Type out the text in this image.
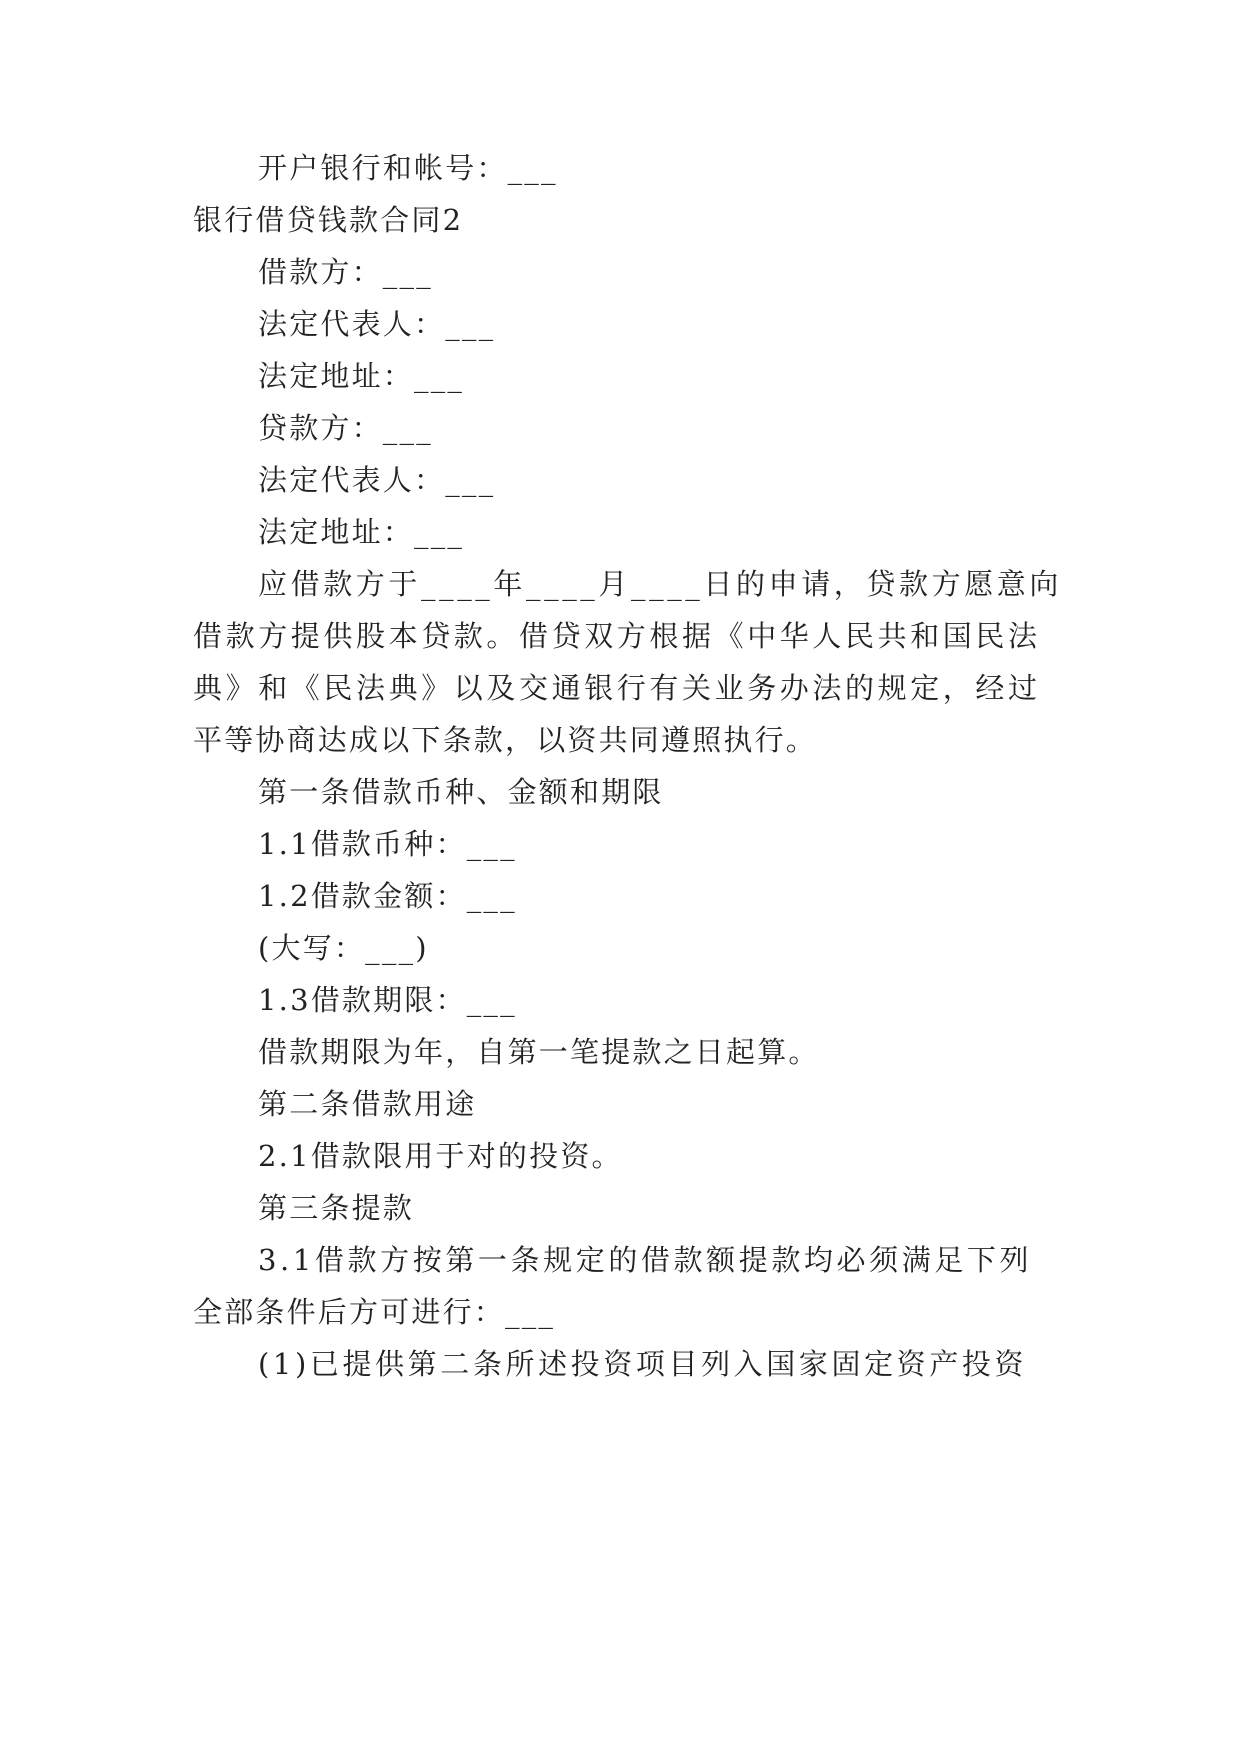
开户银行和帐号：___
银行借贷钱款合同2
借款方：___
法定代表人：___
法定地址：___
贷款方：___
法定代表人：___
法定地址：___
应借款方于____年____月____日的申请，贷款方愿意向
借款方提供股本贷款。借贷双方根据《中华人民共和国民法
典》和《民法典》以及交通银行有关业务办法的规定，经过
平等协商达成以下条款，以资共同遵照执行。
第一条借款币种、金额和期限
1.1借款币种：___
1.2借款金额：___
(大写：___)
1.3借款期限：___
借款期限为年，自第一笔提款之日起算。
第二条借款用途
2.1借款限用于对的投资。
第三条提款
3.1借款方按第一条规定的借款额提款均必须满足下列
全部条件后方可进行：___
(1)已提供第二条所述投资项目列入国家固定资产投资
